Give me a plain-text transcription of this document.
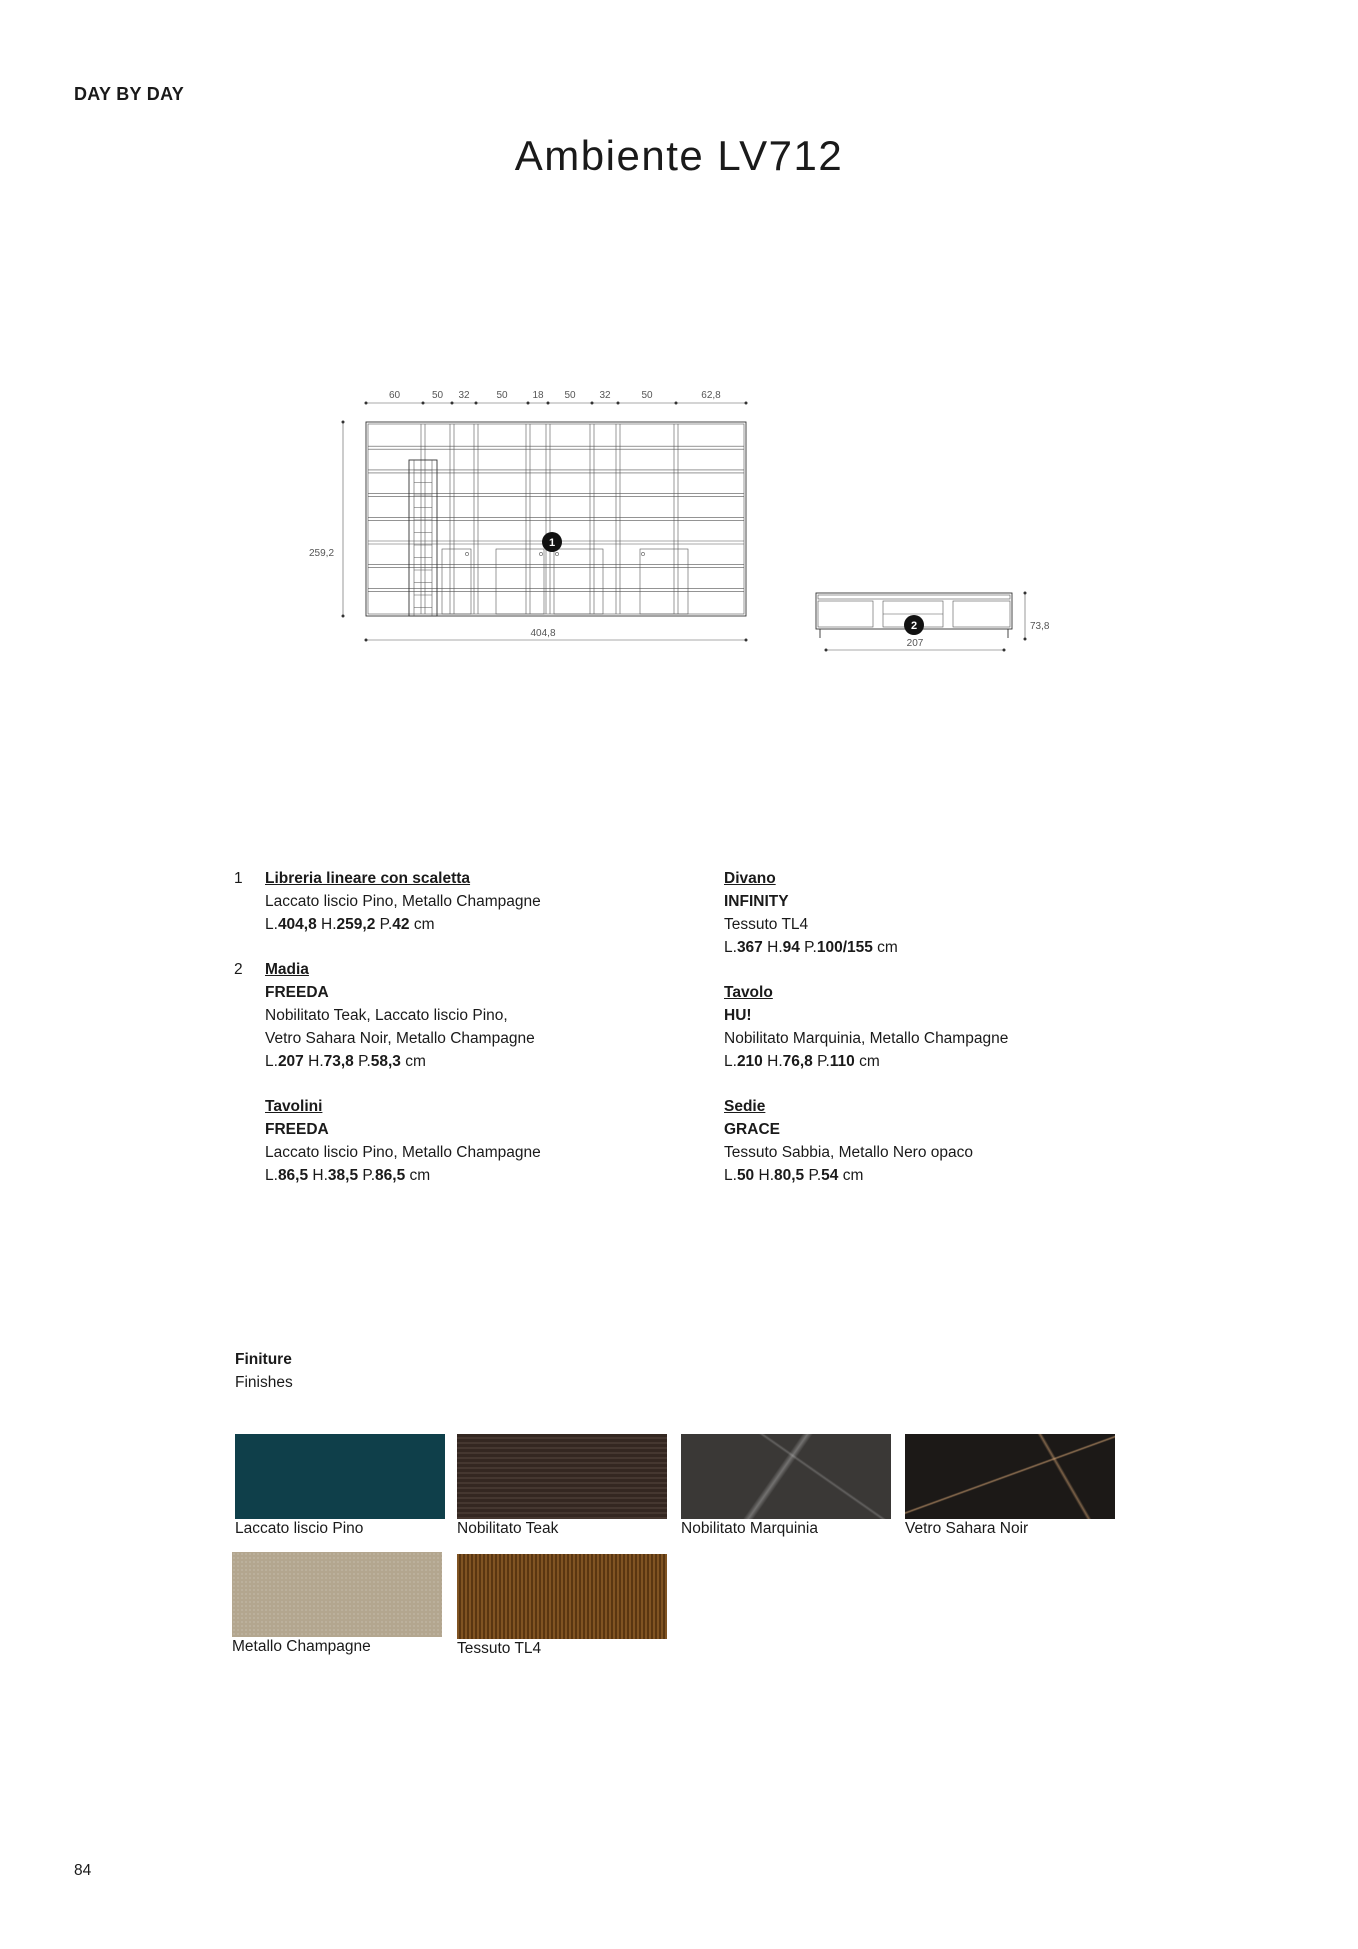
DAY BY DAY
Ambiente LV712
60	50 32	50 18 50 32	50	62,8
259,2
404,8
1
2	73,8
207
1 Libreria lineare con scaletta
Laccato liscio Pino, Metallo Champagne
L.404,8 H.259,2 P.42 cm
2 Madia
FREEDA
Nobilitato Teak, Laccato liscio Pino,
Vetro Sahara Noir, Metallo Champagne
L.207 H.73,8 P.58,3 cm
Tavolini
FREEDA
Laccato liscio Pino, Metallo Champagne
L.86,5 H.38,5 P.86,5 cm
Divano
INFINITY
Tessuto TL4
L.367 H.94 P.100/155 cm
Tavolo
HU!
Nobilitato Marquinia, Metallo Champagne
L.210 H.76,8 P.110 cm
Sedie
GRACE
Tessuto Sabbia, Metallo Nero opaco
L.50 H.80,5 P.54 cm
Finiture
Finishes
Laccato liscio Pino	Nobilitato Teak	Nobilitato Marquinia	Vetro Sahara Noir
Metallo Champagne	Tessuto TL4
84
